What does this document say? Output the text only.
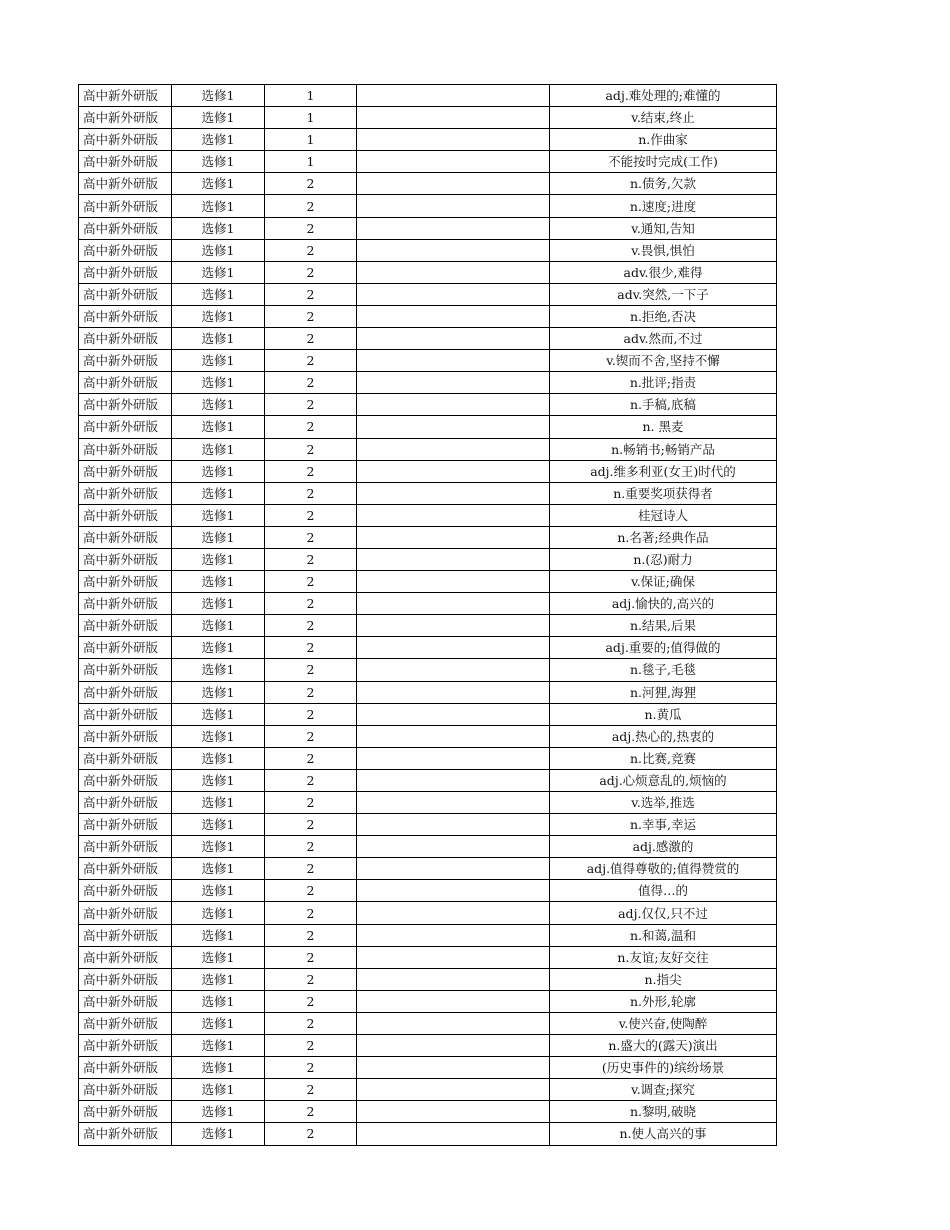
高中新外研版	选修1	1		adj.难处理的;难懂的
高中新外研版	选修1	1		v.结束,终止
高中新外研版	选修1	1		n.作曲家
高中新外研版	选修1	1		不能按时完成(工作)
高中新外研版	选修1	2		n.债务,欠款
高中新外研版	选修1	2		n.速度;进度
高中新外研版	选修1	2		v.通知,告知
高中新外研版	选修1	2		v.畏惧,惧怕
高中新外研版	选修1	2		adv.很少,难得
高中新外研版	选修1	2		adv.突然,一下子
高中新外研版	选修1	2		n.拒绝,否决
高中新外研版	选修1	2		adv.然而,不过
高中新外研版	选修1	2		v.锲而不舍,坚持不懈
高中新外研版	选修1	2		n.批评;指责
高中新外研版	选修1	2		n.手稿,底稿
高中新外研版	选修1	2		n. 黑麦
高中新外研版	选修1	2		n.畅销书;畅销产品
高中新外研版	选修1	2		adj.维多利亚(女王)时代的
高中新外研版	选修1	2		n.重要奖项获得者
高中新外研版	选修1	2		桂冠诗人
高中新外研版	选修1	2		n.名著;经典作品
高中新外研版	选修1	2		n.(忍)耐力
高中新外研版	选修1	2		v.保证;确保
高中新外研版	选修1	2		adj.愉快的,高兴的
高中新外研版	选修1	2		n.结果,后果
高中新外研版	选修1	2		adj.重要的;值得做的
高中新外研版	选修1	2		n.毯子,毛毯
高中新外研版	选修1	2		n.河狸,海狸
高中新外研版	选修1	2		n.黄瓜
高中新外研版	选修1	2		adj.热心的,热衷的
高中新外研版	选修1	2		n.比赛,竞赛
高中新外研版	选修1	2		adj.心烦意乱的,烦恼的
高中新外研版	选修1	2		v.选举,推选
高中新外研版	选修1	2		n.幸事,幸运
高中新外研版	选修1	2		adj.感激的
高中新外研版	选修1	2		adj.值得尊敬的;值得赞赏的
高中新外研版	选修1	2		值得…的
高中新外研版	选修1	2		adj.仅仅,只不过
高中新外研版	选修1	2		n.和蔼,温和
高中新外研版	选修1	2		n.友谊;友好交往
高中新外研版	选修1	2		n.指尖
高中新外研版	选修1	2		n.外形,轮廓
高中新外研版	选修1	2		v.使兴奋,使陶醉
高中新外研版	选修1	2		n.盛大的(露天)演出
高中新外研版	选修1	2		(历史事件的)缤纷场景
高中新外研版	选修1	2		v.调查;探究
高中新外研版	选修1	2		n.黎明,破晓
高中新外研版	选修1	2		n.使人高兴的事
